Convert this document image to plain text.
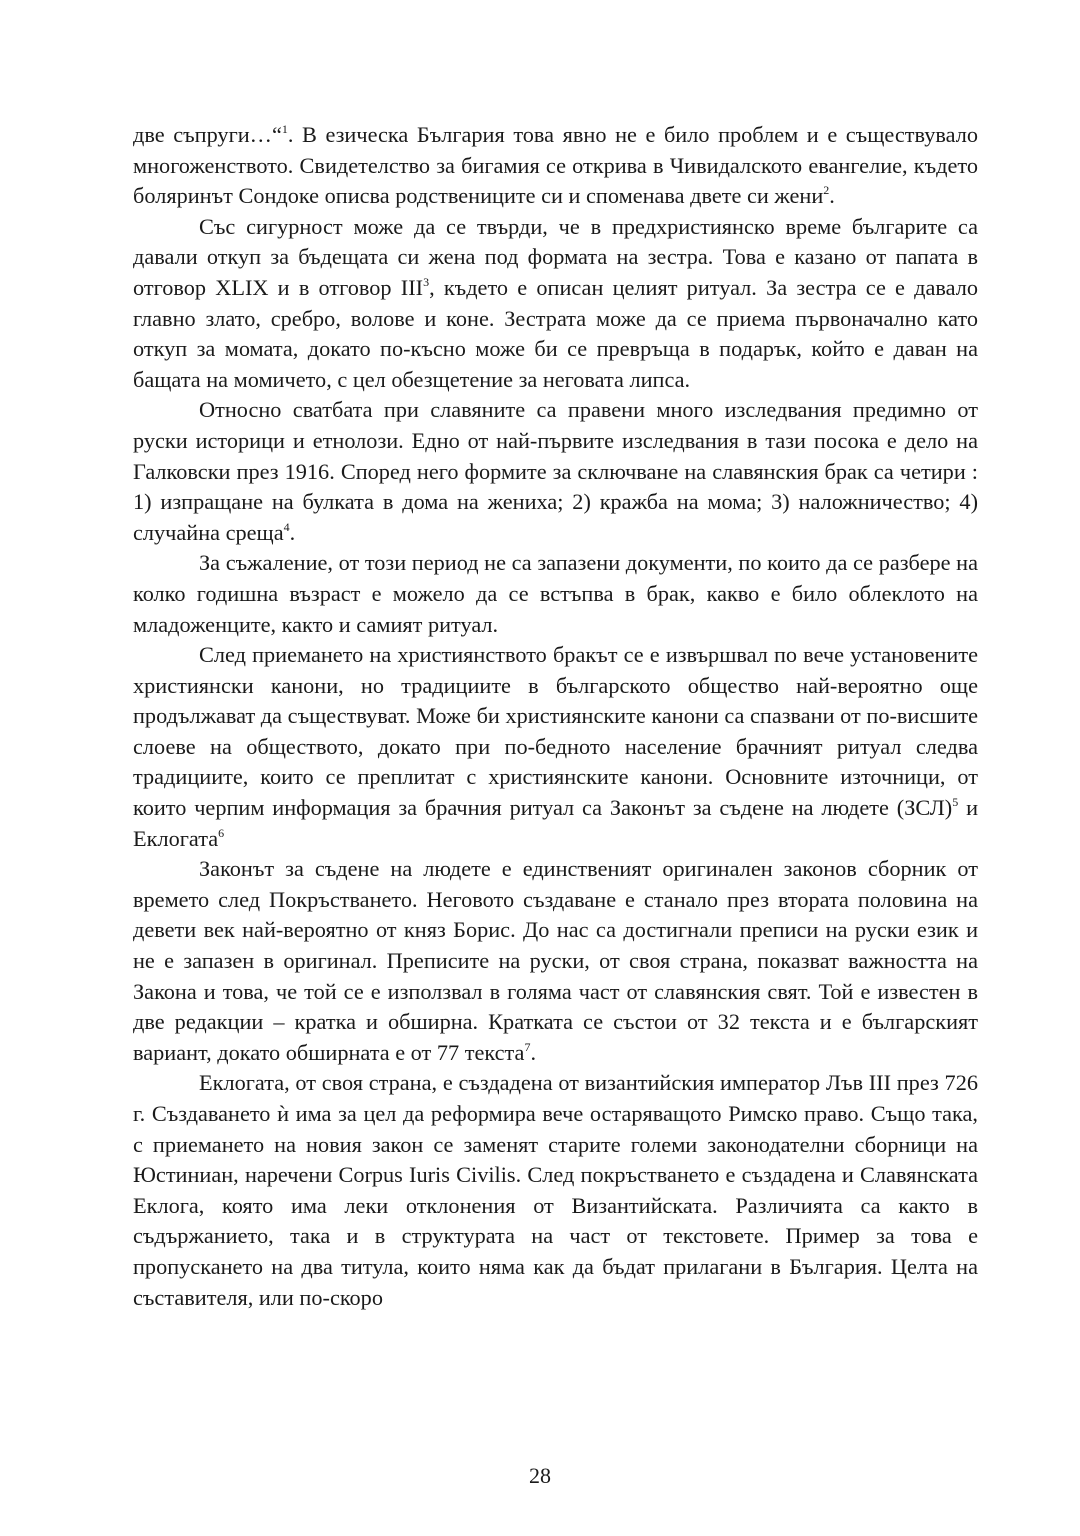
две съпруги…“$^1$. В езическа България това явно не е било проблем и е съществувало многоженството. Свидетелство за бигамия се открива в Чивидалското евангелие, където боляринът Сондоке описва родствениците си и споменава двете си жени$^2$.

Със сигурност може да се твърди, че в предхристиянско време българите са давали откуп за бъдещата си жена под формата на зестра. Това е казано от папата в отговор XLIX и в отговор III$^3$, където е описан целият ритуал. За зестра се е давало главно злато, сребро, волове и коне. Зестрата може да се приема първоначално като откуп за момата, докато по-късно може би се превръща в подарък, който е даван на бащата на момичето, с цел обезщетение за неговата липса.

Относно сватбата при славяните са правени много изследвания предимно от руски историци и етнолози. Едно от най-първите изследвания в тази посока е дело на Галковски през 1916. Според него формите за сключване на славянския брак са четири : 1) изпращане на булката в дома на жениха; 2) кражба на мома; 3) наложничество; 4) случайна среща$^4$.

За съжаление, от този период не са запазени документи, по които да се разбере на колко годишна възраст е можело да се встъпва в брак, какво е било облеклото на младоженците, както и самият ритуал.

След приемането на християнството бракът се е извършвал по вече установените християнски канони, но традициите в българското общество най-вероятно още продължават да съществуват. Може би християнските канони са спазвани от по-висшите слоеве на обществото, докато при по-бедното население брачният ритуал следва традициите, които се преплитат с християнските канони. Основните източници, от които черпим информация за брачния ритуал са Законът за съдене на людете (ЗСЛ)$^5$ и Еклогата$^6$

Законът за съдене на людете е единственият оригинален законов сборник от времето след Покръстването. Неговото създаване е станало през втората половина на девети век най-вероятно от княз Борис. До нас са достигнали преписи на руски език и не е запазен в оригинал. Преписите на руски, от своя страна, показват важността на Закона и това, че той се е използвал в голяма част от славянския свят. Той е известен в две редакции – кратка и обширна. Кратката се състои от 32 текста и е българският вариант, докато обширната е от 77 текста$^7$.

Еклогата, от своя страна, е създадена от византийския император Лъв III през 726 г. Създаването ѝ има за цел да реформира вече остаряващото Римско право. Също така, с приемането на новия закон се заменят старите големи законодателни сборници на Юстиниан, наречени Corpus Iuris Civilis. След покръстването е създадена и Славянската Еклога, която има леки отклонения от Византийската. Различията са както в съдържанието, така и в структурата на част от текстовете. Пример за това е пропускането на два титула, които няма как да бъдат прилагани в България. Целта на съставителя, или по-скоро

28
